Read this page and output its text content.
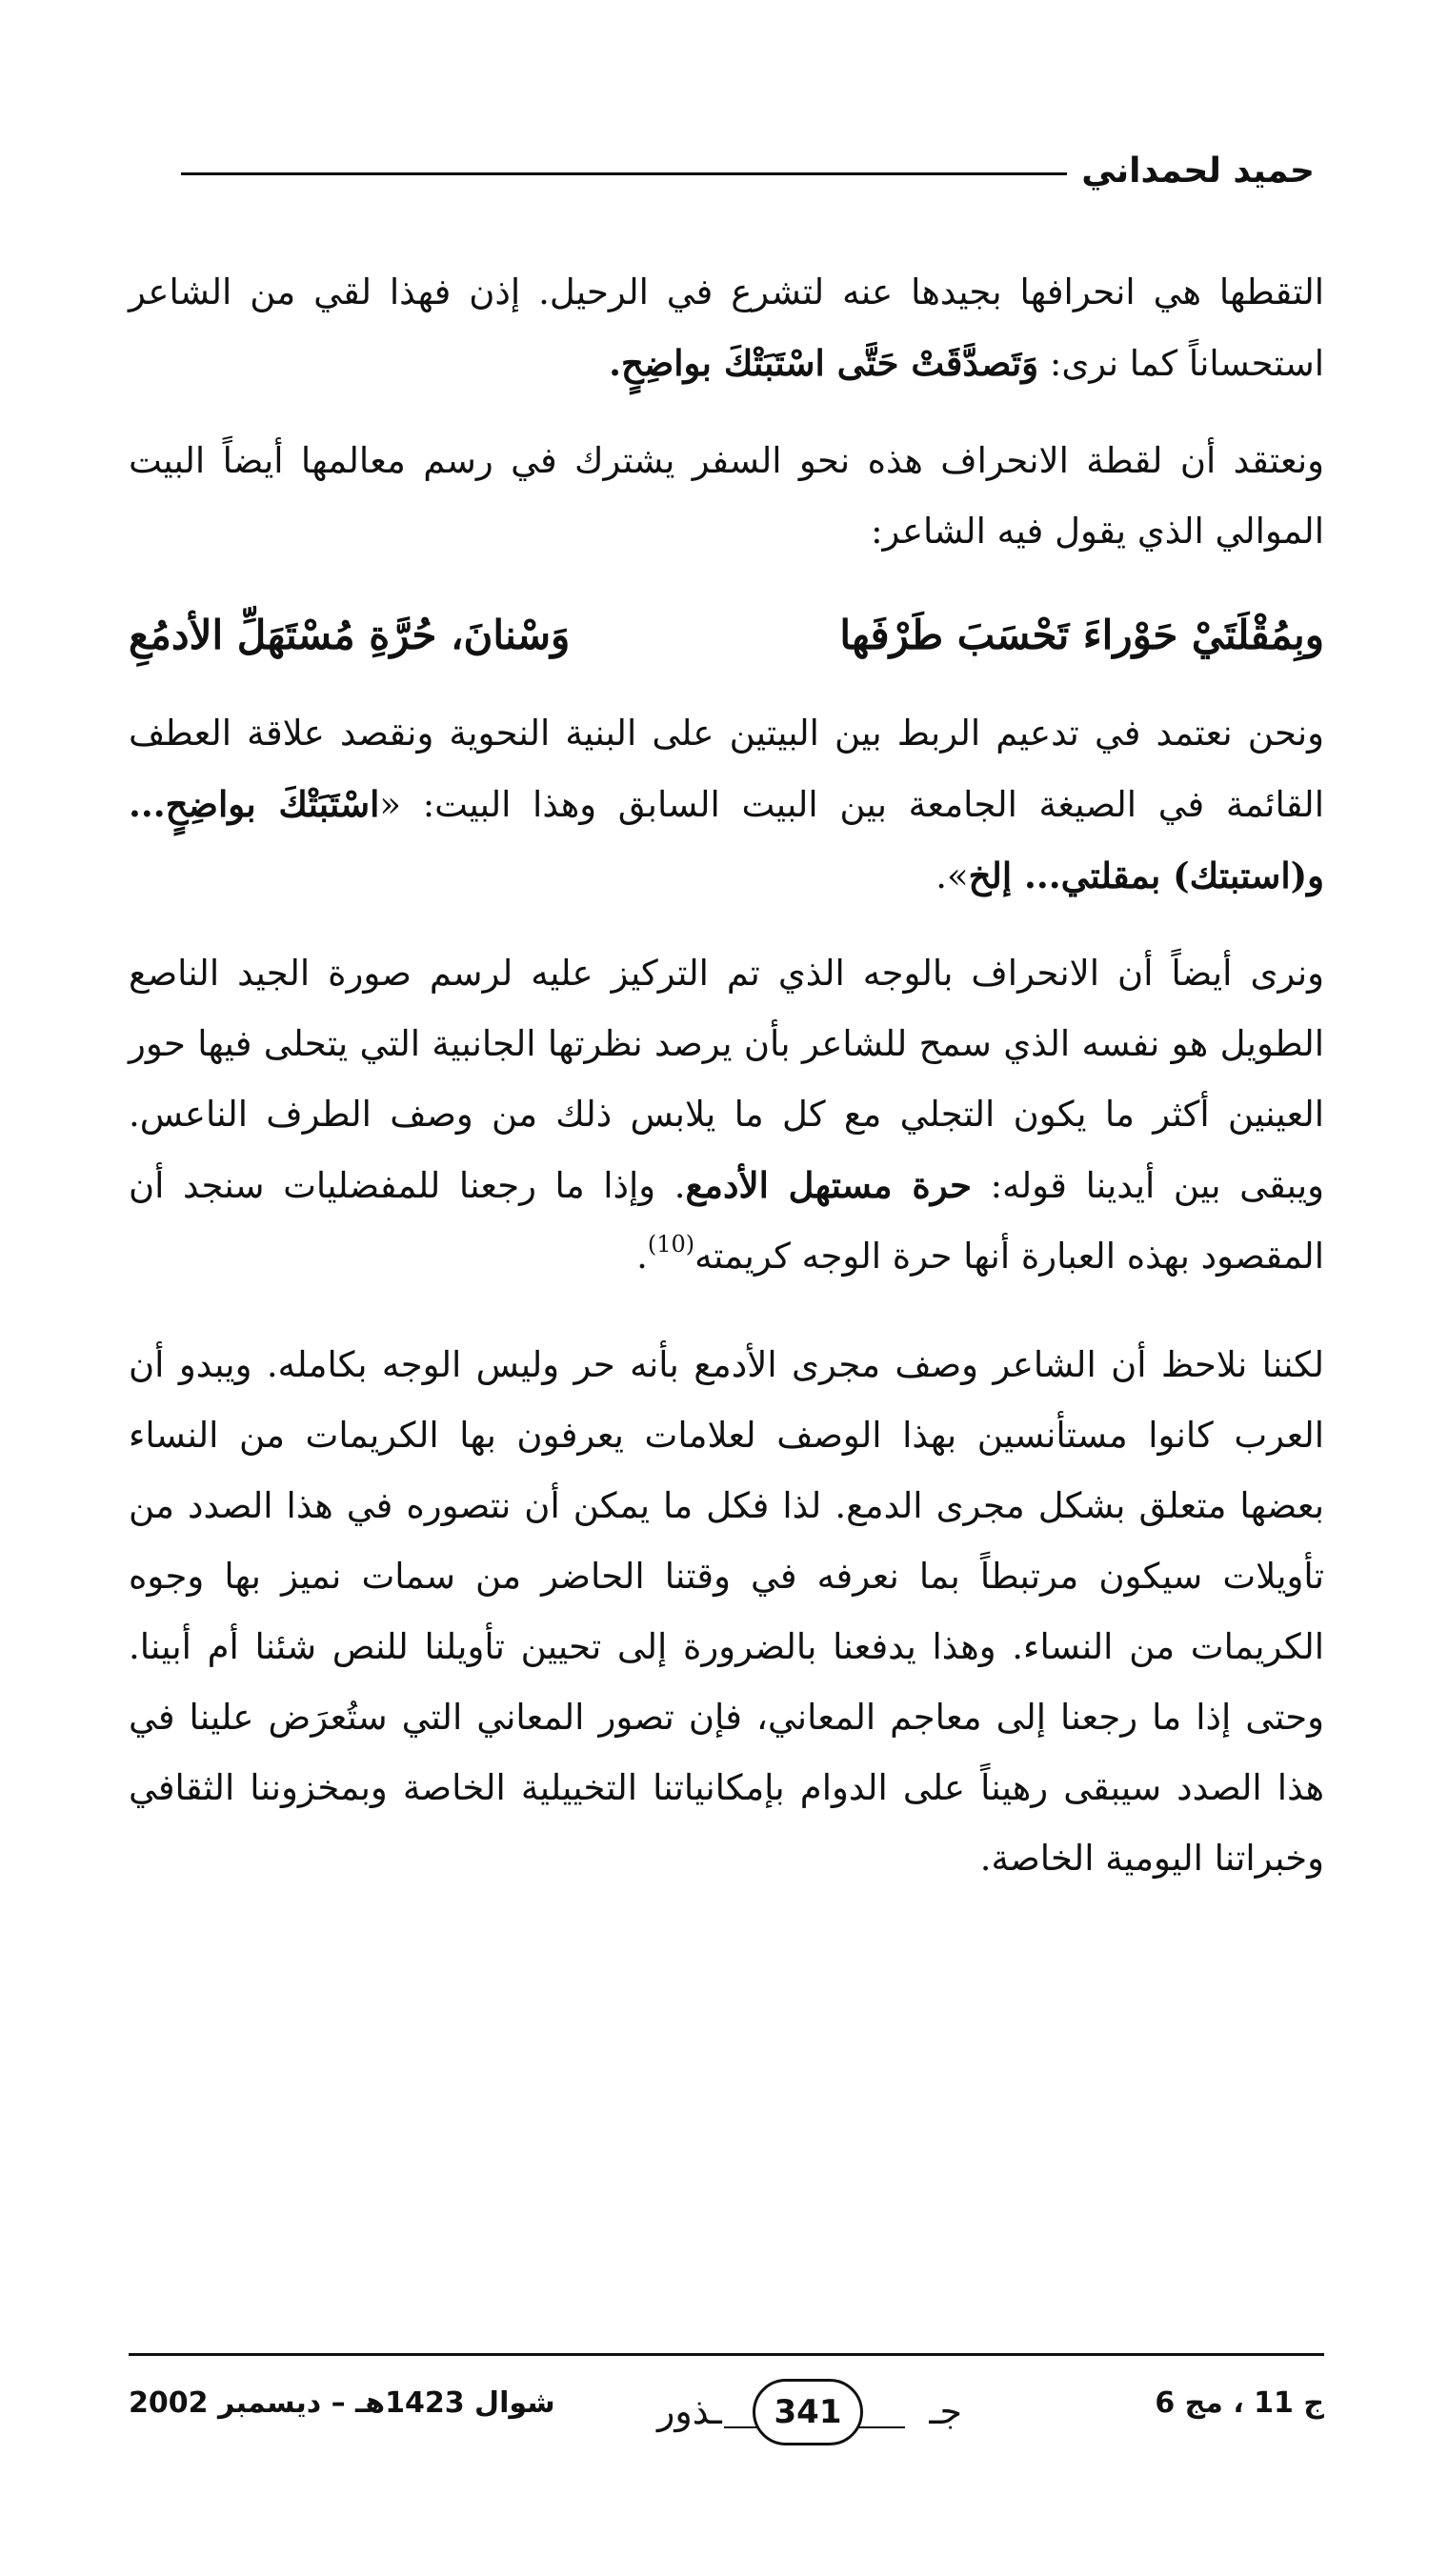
حميد لحمداني

التقطها هي انحرافها بجيدها عنه لتشرع في الرحيل. إذن فهذا لقي من الشاعر استحساناً كما نرى: وَتَصدَّقَتْ حَتَّى اسْتَبَتْكَ بواضِحٍ.

ونعتقد أن لقطة الانحراف هذه نحو السفر يشترك في رسم معالمها أيضاً البيت الموالي الذي يقول فيه الشاعر:

وبِمُقْلَتَيْ حَوْراءَ تَحْسَبَ طَرْفَها
وَسْنانَ، حُرَّةِ مُسْتَهَلِّ الأدمُعِ

ونحن نعتمد في تدعيم الربط بين البيتين على البنية النحوية ونقصد علاقة العطف القائمة في الصيغة الجامعة بين البيت السابق وهذا البيت: «اسْتَبَتْكَ بواضِحٍ... و(استبتك) بمقلتي... إلخ».

ونرى أيضاً أن الانحراف بالوجه الذي تم التركيز عليه لرسم صورة الجيد الناصع الطويل هو نفسه الذي سمح للشاعر بأن يرصد نظرتها الجانبية التي يتحلى فيها حور العينين أكثر ما يكون التجلي مع كل ما يلابس ذلك من وصف الطرف الناعس. ويبقى بين أيدينا قوله: حرة مستهل الأدمع. وإذا ما رجعنا للمفضليات سنجد أن المقصود بهذه العبارة أنها حرة الوجه كريمته$^{(10)}$.

لكننا نلاحظ أن الشاعر وصف مجرى الأدمع بأنه حر وليس الوجه بكامله. ويبدو أن العرب كانوا مستأنسين بهذا الوصف لعلامات يعرفون بها الكريمات من النساء بعضها متعلق بشكل مجرى الدمع. لذا فكل ما يمكن أن نتصوره في هذا الصدد من تأويلات سيكون مرتبطاً بما نعرفه في وقتنا الحاضر من سمات نميز بها وجوه الكريمات من النساء. وهذا يدفعنا بالضرورة إلى تحيين تأويلنا للنص شئنا أم أبينا. وحتى إذا ما رجعنا إلى معاجم المعاني، فإن تصور المعاني التي ستُعرَض علينا في هذا الصدد سيبقى رهيناً على الدوام بإمكانياتنا التخييلية الخاصة وبمخزوننا الثقافي وخبراتنا اليومية الخاصة.

ج 11 ، مج 6
جـ
341
ـذور
شوال 1423هـ – ديسمبر 2002
